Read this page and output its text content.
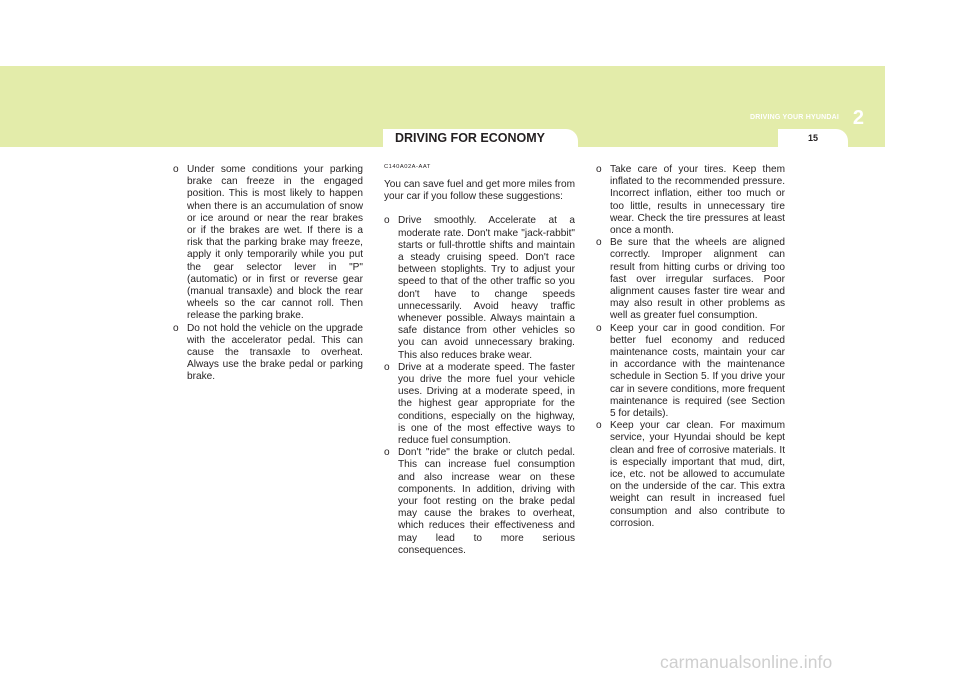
DRIVING YOUR HYUNDAI 2
DRIVING FOR ECONOMY	15
o Under some conditions your parking brake can freeze in the engaged position. This is most likely to happen when there is an accumulation of snow or ice around or near the rear brakes or if the brakes are wet. If there is a risk that the parking brake may freeze, apply it only temporarily while you put the gear selector lever in "P" (automatic) or in first or reverse gear (manual transaxle) and block the rear wheels so the car cannot roll. Then release the parking brake.
o Do not hold the vehicle on the upgrade with the accelerator pedal. This can cause the transaxle to overheat. Always use the brake pedal or parking brake.
C140A02A-AAT

You can save fuel and get more miles from your car if you follow these suggestions:

o Drive smoothly. Accelerate at a moderate rate. Don't make "jack-rabbit" starts or full-throttle shifts and maintain a steady cruising speed. Don't race between stoplights. Try to adjust your speed to that of the other traffic so you don't have to change speeds unnecessarily. Avoid heavy traffic whenever possible. Always maintain a safe distance from other vehicles so you can avoid unnecessary braking. This also reduces brake wear.
o Drive at a moderate speed. The faster you drive the more fuel your vehicle uses. Driving at a moderate speed, in the highest gear appropriate for the conditions, especially on the highway, is one of the most effective ways to reduce fuel consumption.
o Don't "ride" the brake or clutch pedal. This can increase fuel consumption and also increase wear on these components. In addition, driving with your foot resting on the brake pedal may cause the brakes to overheat, which reduces their effectiveness and may lead to more serious consequences.
o Take care of your tires. Keep them inflated to the recommended pressure. Incorrect inflation, either too much or too little, results in unnecessary tire wear. Check the tire pressures at least once a month.
o Be sure that the wheels are aligned correctly. Improper alignment can result from hitting curbs or driving too fast over irregular surfaces. Poor alignment causes faster tire wear and may also result in other problems as well as greater fuel consumption.
o Keep your car in good condition. For better fuel economy and reduced maintenance costs, maintain your car in accordance with the maintenance schedule in Section 5. If you drive your car in severe conditions, more frequent maintenance is required (see Section 5 for details).
o Keep your car clean. For maximum service, your Hyundai should be kept clean and free of corrosive materials. It is especially important that mud, dirt, ice, etc. not be allowed to accumulate on the underside of the car. This extra weight can result in increased fuel consumption and also contribute to corrosion.
carmanualsonline.info
